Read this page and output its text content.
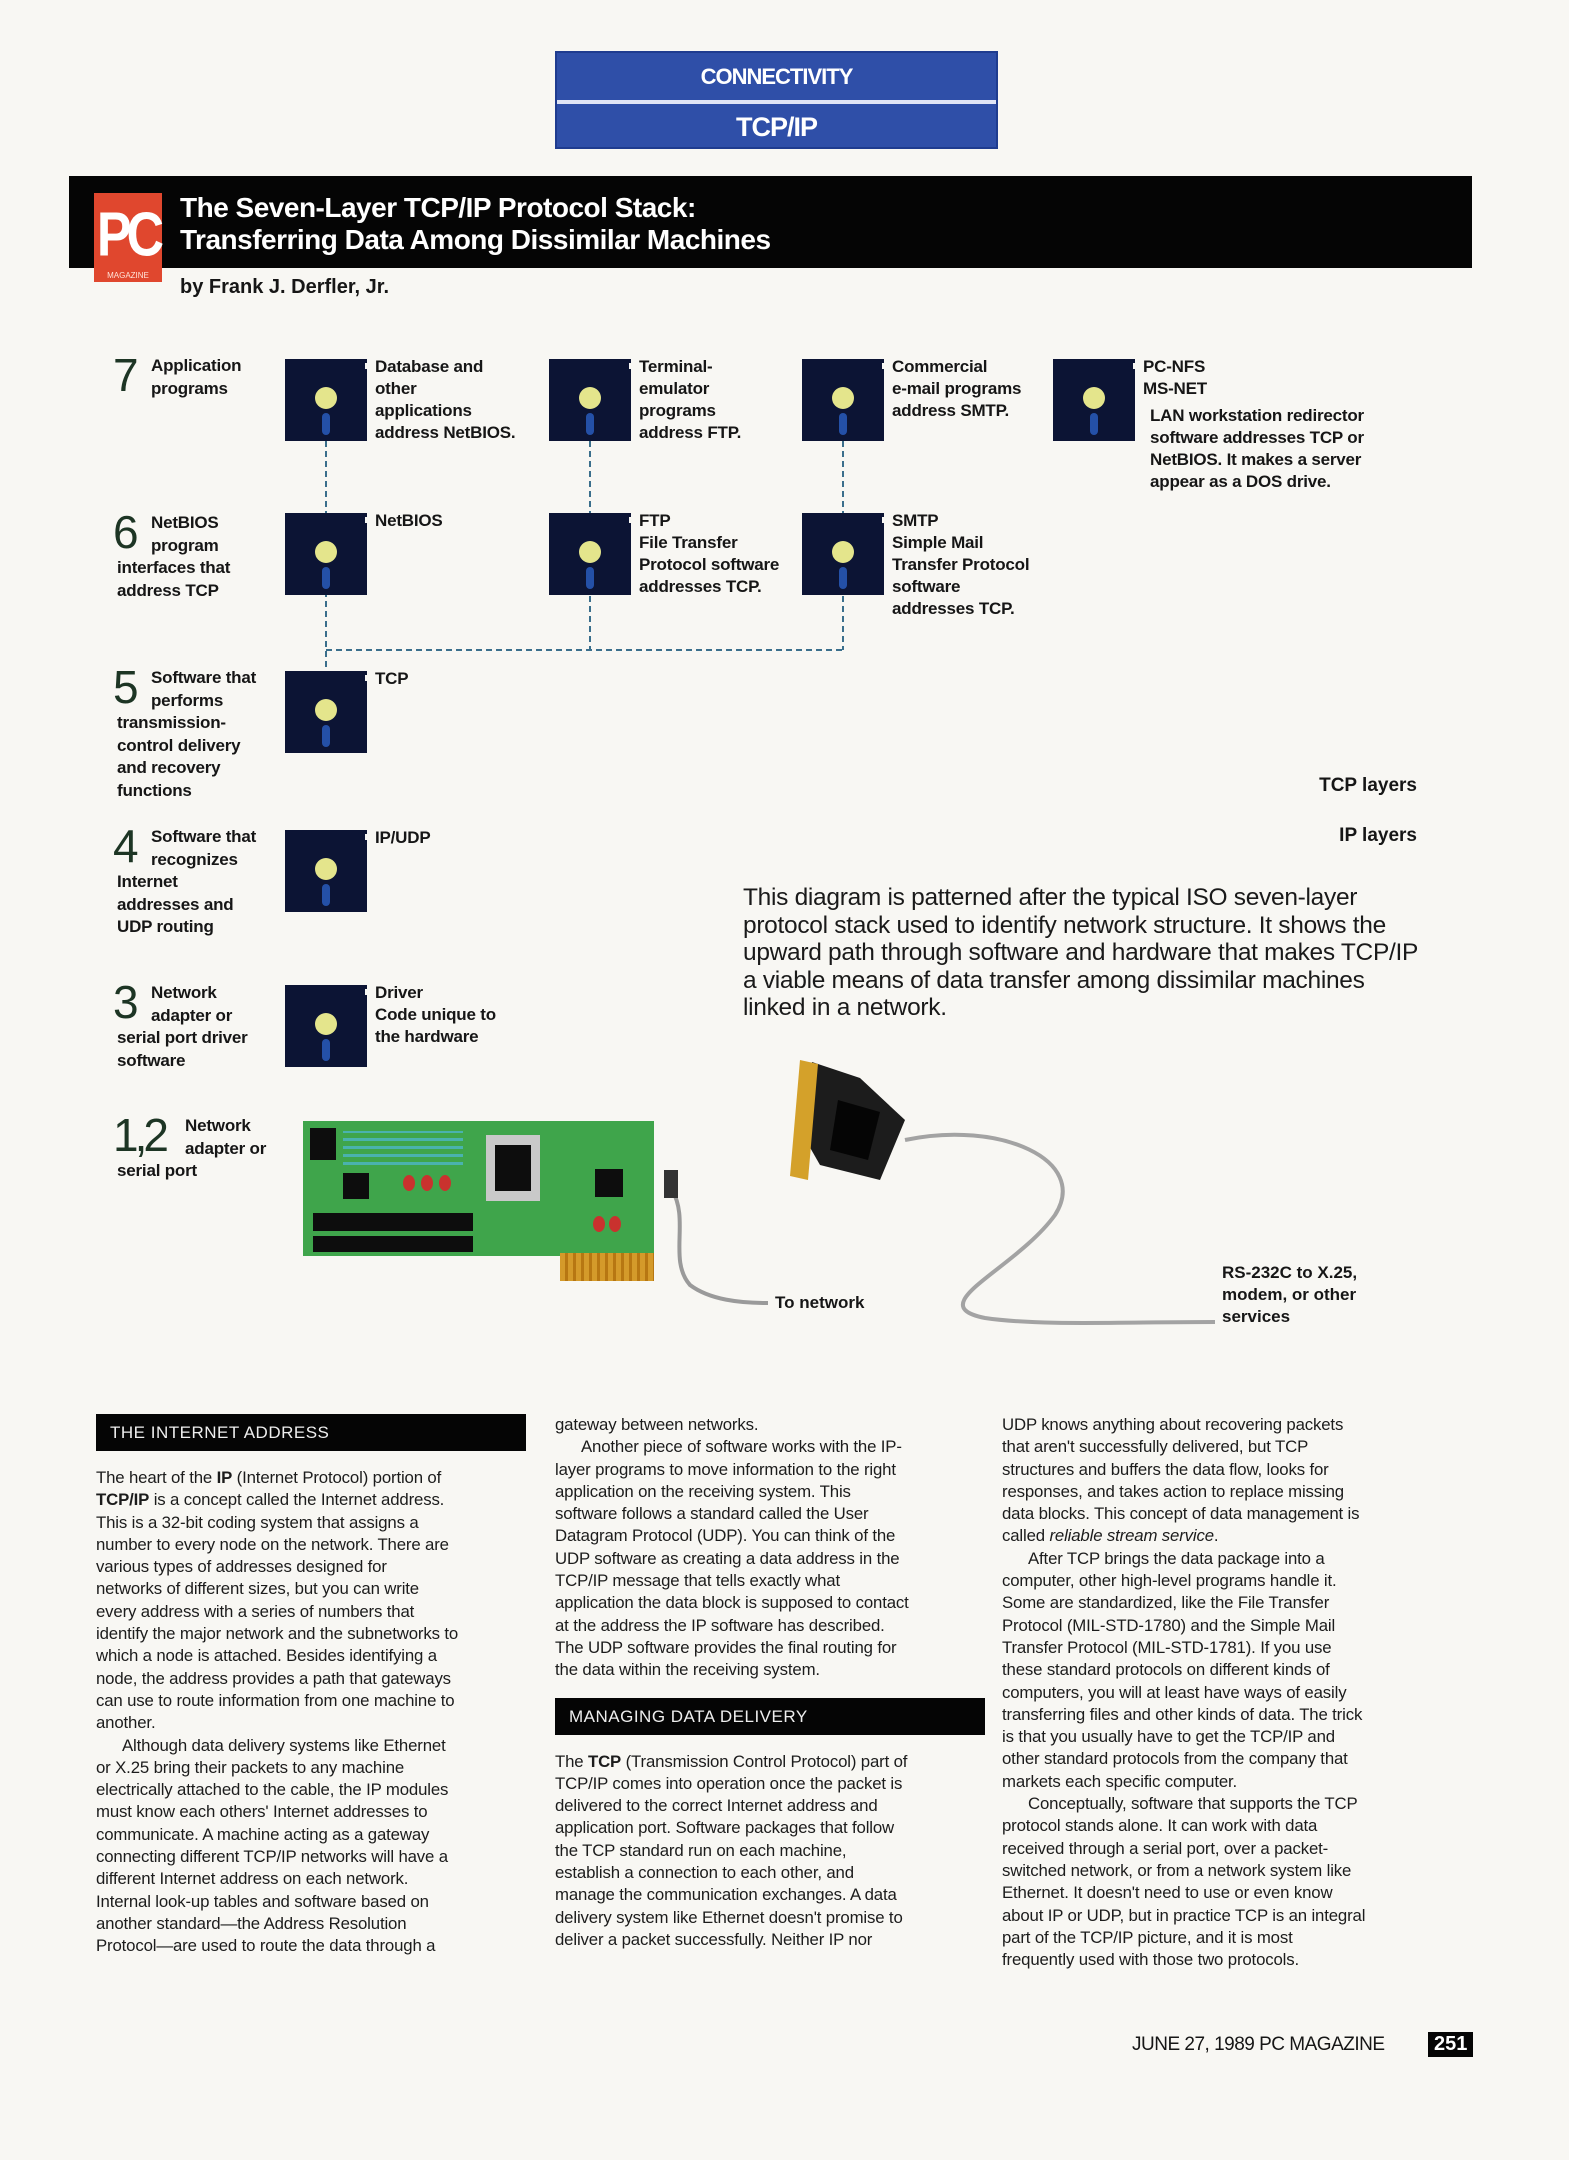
CONNECTIVITY
TCP/IP
PC
MAGAZINE
The Seven-Layer TCP/IP Protocol Stack:
Transferring Data Among Dissimilar Machines
by Frank J. Derfler, Jr.
7 Application
programs
6 NetBIOS
program
interfaces that
address TCP
5 Software that
performs
transmission-
control delivery
and recovery
functions
4 Software that
recognizes
Internet
addresses and
UDP routing
3 Network
adapter or
serial port driver
software
1,2 Network
adapter or
serial port
Database and
other
applications
address NetBIOS.
Terminal-
emulator
programs
address FTP.
Commercial
e-mail programs
address SMTP.
PC-NFS
MS-NET
NetBIOS	FTP
File Transfer
Protocol software
addresses TCP.
SMTP
Simple Mail
Transfer Protocol
software
addresses TCP.
TCP
IP/UDP
Driver
Code unique to
the hardware
LAN workstation redirector
software addresses TCP or
NetBIOS. It makes a server
appear as a DOS drive.
TCP layers
IP layers
This diagram is patterned after the typical ISO seven-layer protocol stack used to identify network structure. It shows the upward path through software and hardware that makes TCP/IP a viable means of data transfer among dissimilar machines linked in a network.
To network
RS-232C to X.25,
modem, or other
services
THE INTERNET ADDRESS
The heart of the IP (Internet Protocol) portion of
TCP/IP is a concept called the Internet address.
This is a 32-bit coding system that assigns a
number to every node on the network. There are
various types of addresses designed for
networks of different sizes, but you can write
every address with a series of numbers that
identify the major network and the subnetworks to
which a node is attached. Besides identifying a
node, the address provides a path that gateways
can use to route information from one machine to
another.
Although data delivery systems like Ethernet
or X.25 bring their packets to any machine
electrically attached to the cable, the IP modules
must know each others' Internet addresses to
communicate. A machine acting as a gateway
connecting different TCP/IP networks will have a
different Internet address on each network.
Internal look-up tables and software based on
another standard—the Address Resolution
Protocol—are used to route the data through a
gateway between networks.
Another piece of software works with the IP-
layer programs to move information to the right
application on the receiving system. This
software follows a standard called the User
Datagram Protocol (UDP). You can think of the
UDP software as creating a data address in the
TCP/IP message that tells exactly what
application the data block is supposed to contact
at the address the IP software has described.
The UDP software provides the final routing for
the data within the receiving system.
MANAGING DATA DELIVERY
The TCP (Transmission Control Protocol) part of
TCP/IP comes into operation once the packet is
delivered to the correct Internet address and
application port. Software packages that follow
the TCP standard run on each machine,
establish a connection to each other, and
manage the communication exchanges. A data
delivery system like Ethernet doesn't promise to
deliver a packet successfully. Neither IP nor
UDP knows anything about recovering packets
that aren't successfully delivered, but TCP
structures and buffers the data flow, looks for
responses, and takes action to replace missing
data blocks. This concept of data management is
called reliable stream service.
After TCP brings the data package into a
computer, other high-level programs handle it.
Some are standardized, like the File Transfer
Protocol (MIL-STD-1780) and the Simple Mail
Transfer Protocol (MIL-STD-1781). If you use
these standard protocols on different kinds of
computers, you will at least have ways of easily
transferring files and other kinds of data. The trick
is that you usually have to get the TCP/IP and
other standard protocols from the company that
markets each specific computer.
Conceptually, software that supports the TCP
protocol stands alone. It can work with data
received through a serial port, over a packet-
switched network, or from a network system like
Ethernet. It doesn't need to use or even know
about IP or UDP, but in practice TCP is an integral
part of the TCP/IP picture, and it is most
frequently used with those two protocols.
JUNE 27, 1989 PC MAGAZINE	251
